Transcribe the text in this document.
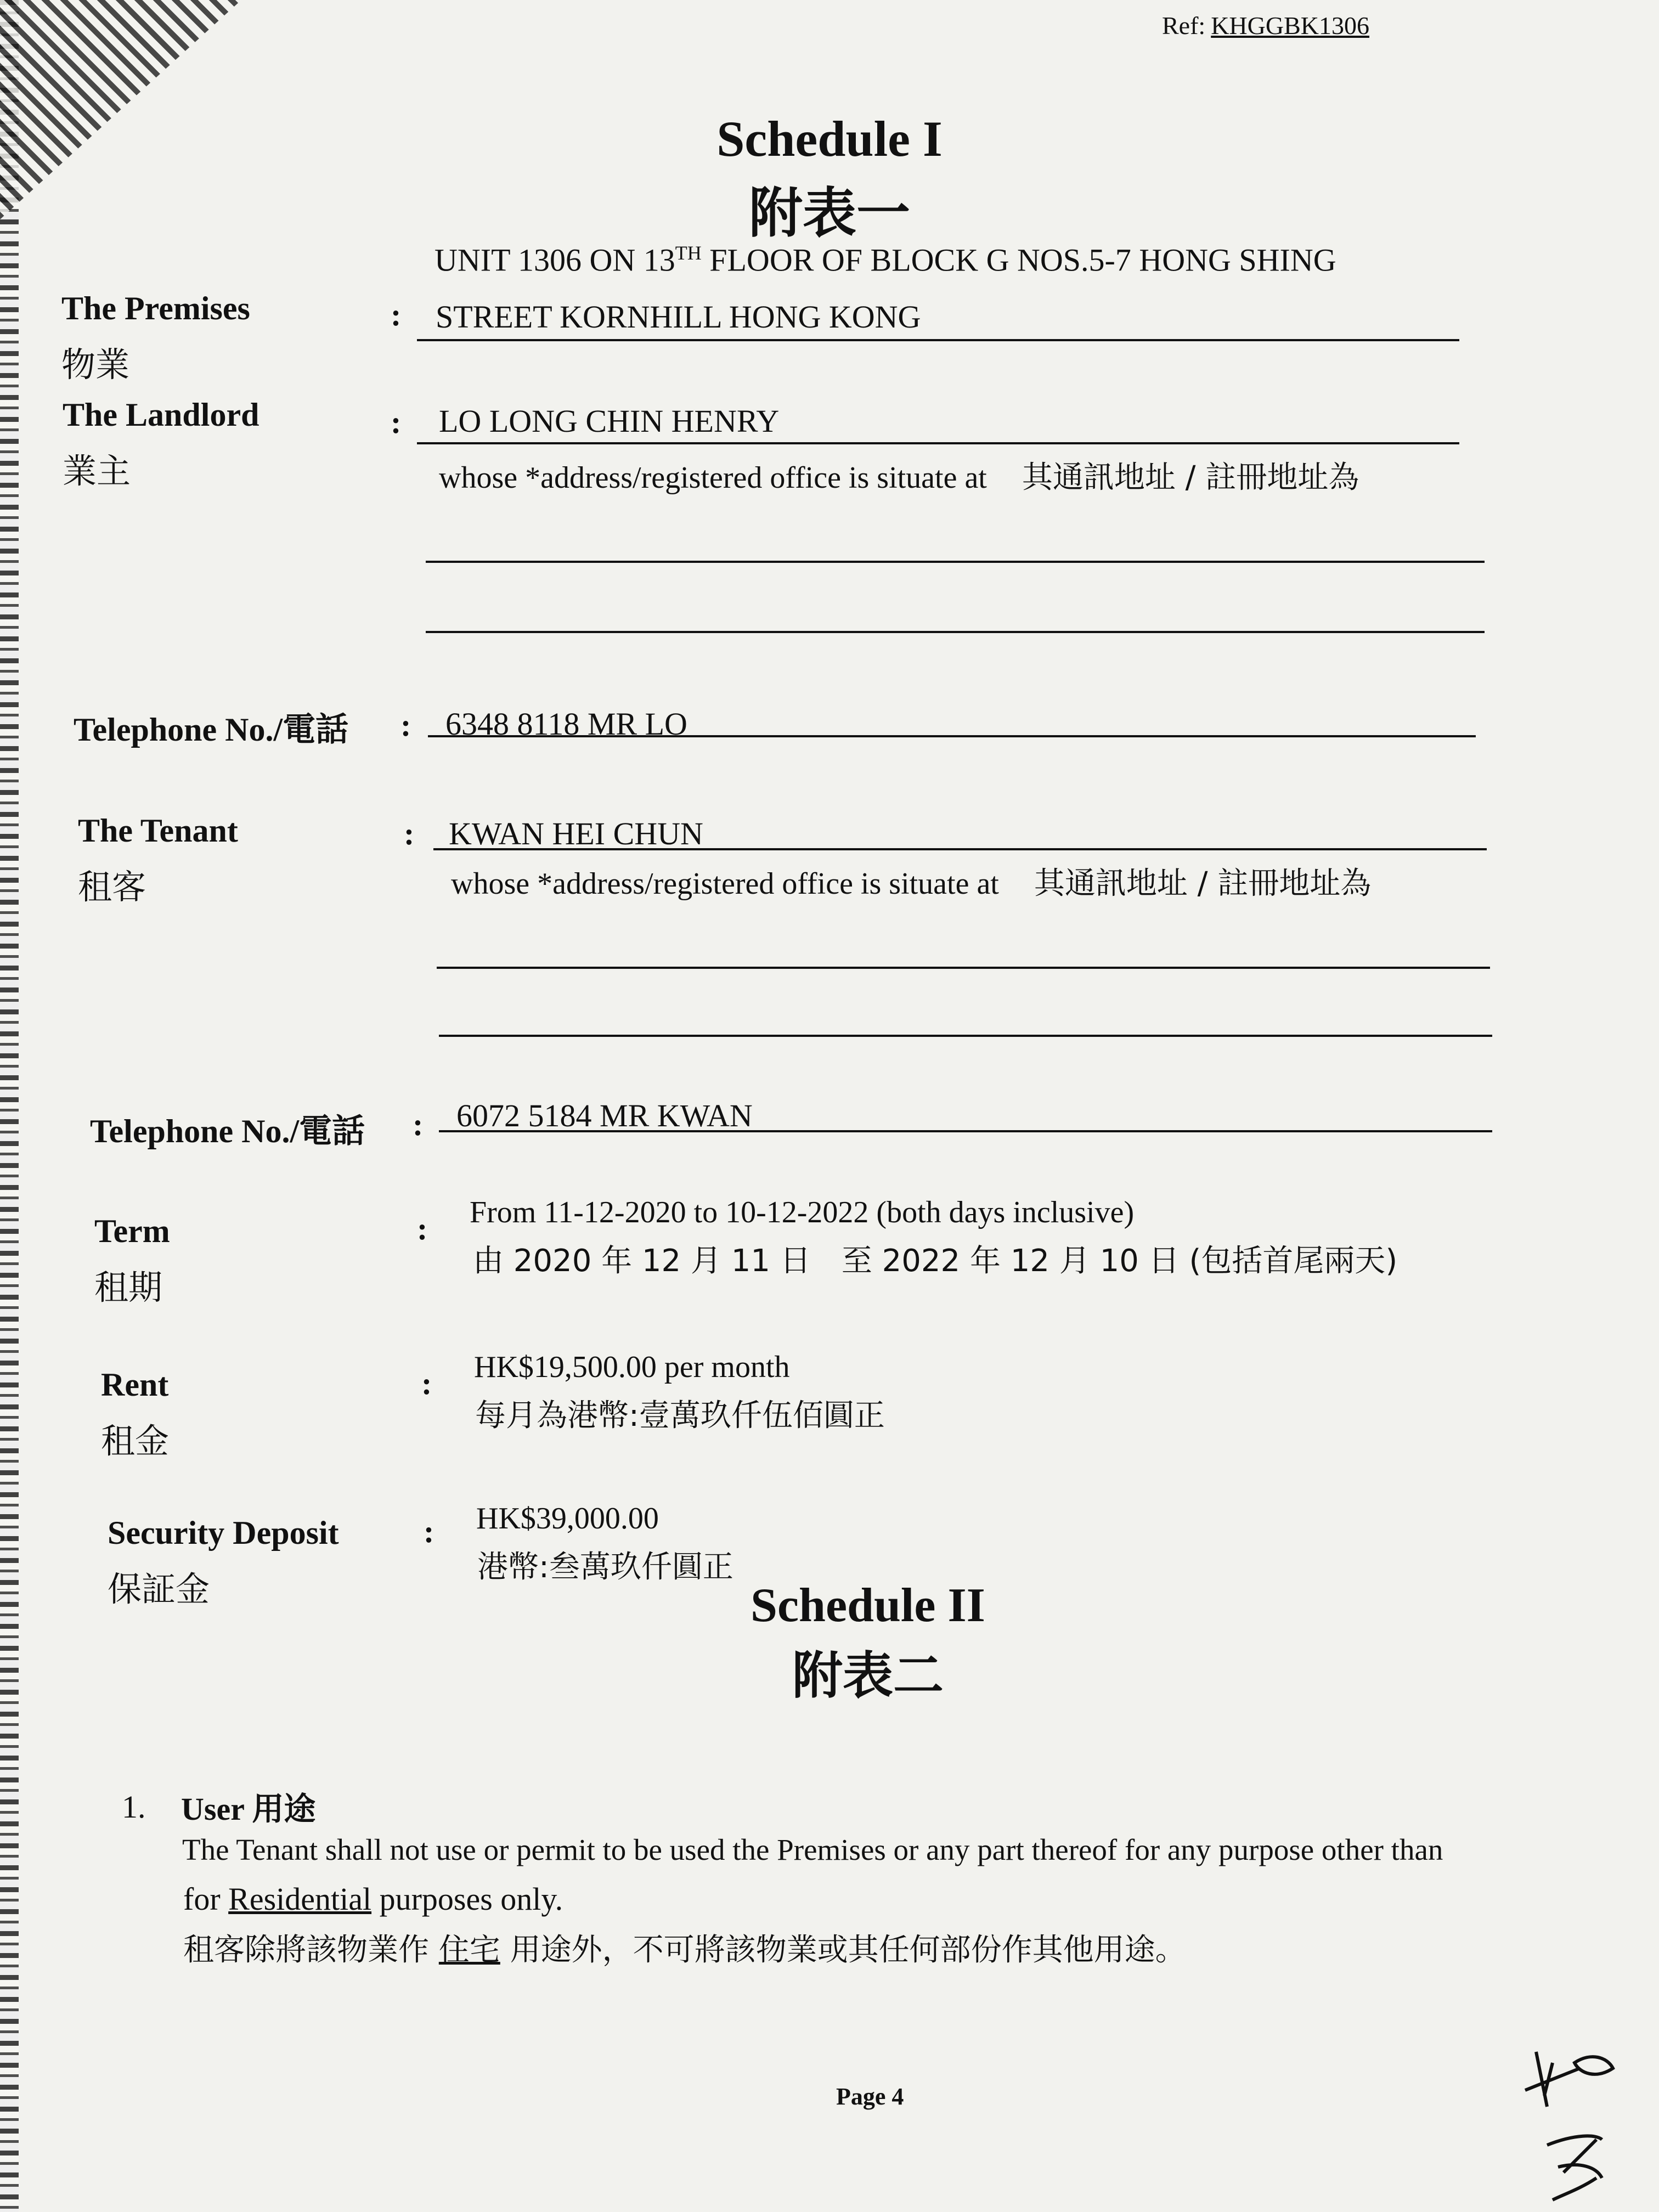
Ref: KHGGBK1306
Schedule I
附表一
UNIT 1306 ON 13TH FLOOR OF BLOCK G NOS.5-7 HONG SHING
The Premises
物業
: STREET KORNHILL HONG KONG
The Landlord
業主
: LO LONG CHIN HENRY
whose *address/registered office is situate at 其通訊地址 / 註冊地址為
Telephone No./電話 : 6348 8118 MR LO
The Tenant
租客
: KWAN HEI CHUN
whose *address/registered office is situate at 其通訊地址 / 註冊地址為
Telephone No./電話 : 6072 5184 MR KWAN
Term
租期
: From 11-12-2020 to 10-12-2022 (both days inclusive)
由 2020 年 12 月 11 日　至 2022 年 12 月 10 日 (包括首尾兩天)
Rent
租金
: HK$19,500.00 per month
每月為港幣:壹萬玖仟伍佰圓正
Security Deposit
保証金
: HK$39,000.00
港幣:叁萬玖仟圓正
Schedule II
附表二
1. User 用途
The Tenant shall not use or permit to be used the Premises or any part thereof for any purpose other than
for Residential purposes only.
租客除將該物業作 住宅 用途外，不可將該物業或其任何部份作其他用途。
Page 4
